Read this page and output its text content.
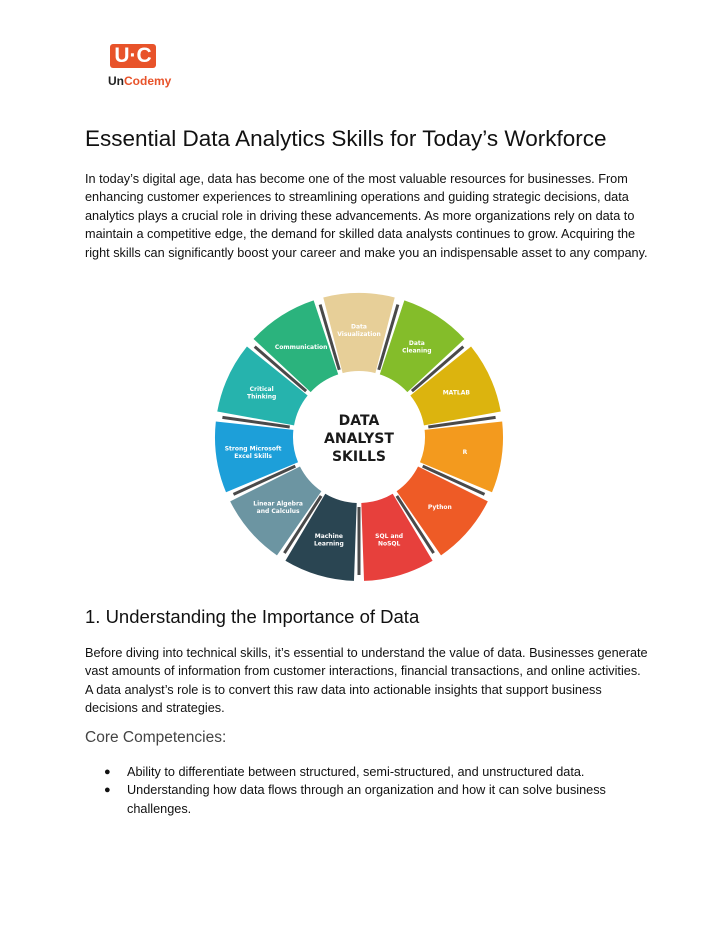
U·C
UnCodemy
Essential Data Analytics Skills for Today’s Workforce

In today’s digital age, data has become one of the most valuable resources for businesses. From enhancing customer experiences to streamlining operations and guiding strategic decisions, data analytics plays a crucial role in driving these advancements. As more organizations rely on data to maintain a competitive edge, the demand for skilled data analysts continues to grow. Acquiring the right skills can significantly boost your career and make you an indispensable asset to any company.

Data Visualization
Data Cleaning
MATLAB
R
Python
SQL and NoSQL
Machine Learning
Linear Algebra and Calculus
Strong Microsoft Excel Skills
Critical Thinking
Communication
DATA ANALYST SKILLS
1. Understanding the Importance of Data

Before diving into technical skills, it’s essential to understand the value of data. Businesses generate vast amounts of information from customer interactions, financial transactions, and online activities. A data analyst’s role is to convert this raw data into actionable insights that support business decisions and strategies.

Core Competencies:
● Ability to differentiate between structured, semi-structured, and unstructured data.
● Understanding how data flows through an organization and how it can solve business challenges.
